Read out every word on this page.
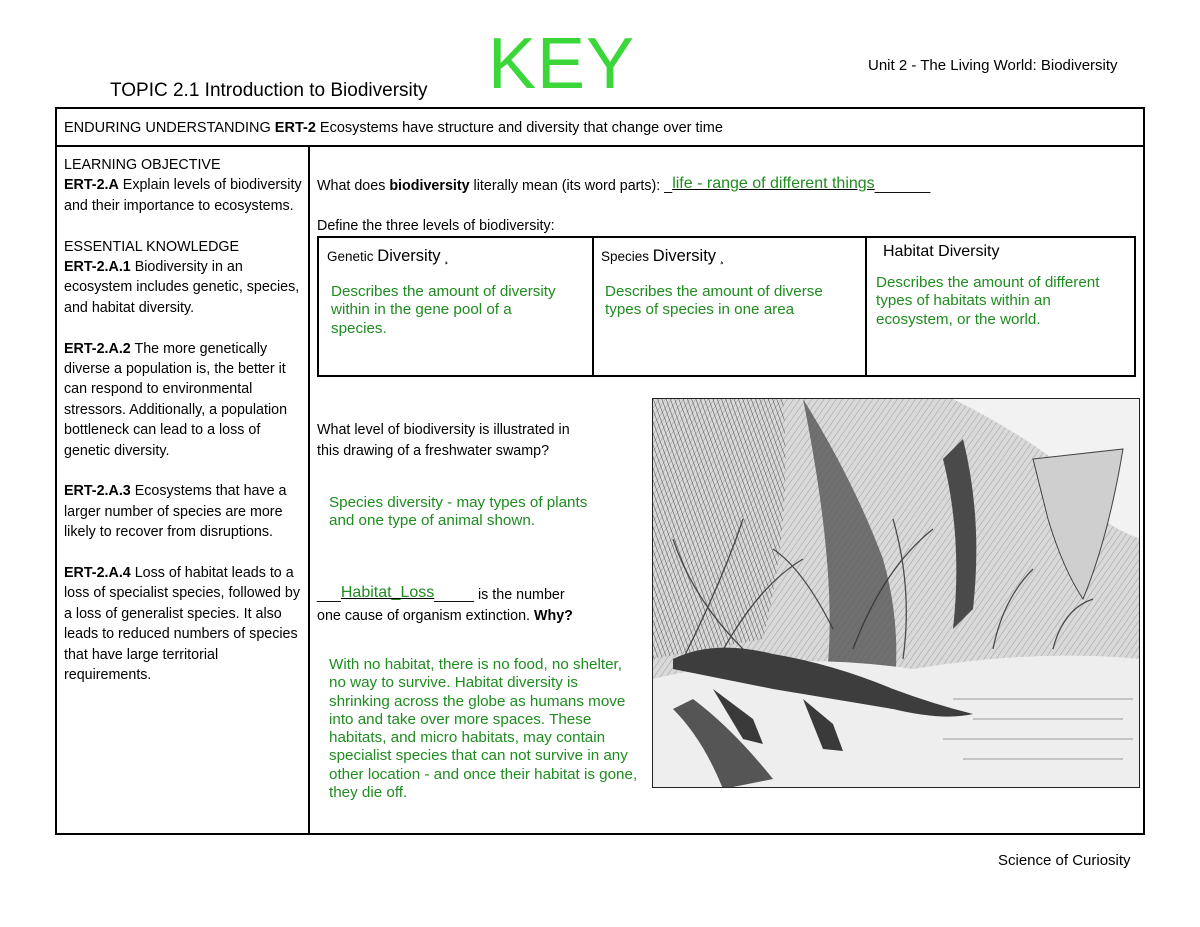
TOPIC 2.1 Introduction to Biodiversity KEY	Unit 2 - The Living World: Biodiversity
ENDURING UNDERSTANDING ERT-2 Ecosystems have structure and diversity that change over time

LEARNING OBJECTIVE
ERT-2.A Explain levels of biodiversity and their importance to ecosystems.

ESSENTIAL KNOWLEDGE
ERT-2.A.1 Biodiversity in an ecosystem includes genetic, species, and habitat diversity.

ERT-2.A.2 The more genetically diverse a population is, the better it can respond to environmental stressors. Additionally, a population bottleneck can lead to a loss of genetic diversity.

ERT-2.A.3 Ecosystems that have a larger number of species are more likely to recover from disruptions.

ERT-2.A.4 Loss of habitat leads to a loss of specialist species, followed by a loss of generalist species. It also leads to reduced numbers of species that have large territorial requirements.

What does biodiversity literally mean (its word parts): _life - range of different things_______
Define the three levels of biodiversity:
Genetic Diversity ¸
Describes the amount of diversity within in the gene pool of a species.
Species Diversity ¸
Describes the amount of diverse types of species in one area
Habitat Diversity
Describes the amount of different types of habitats within an ecosystem, or the world.
What level of biodiversity is illustrated in
this drawing of a freshwater swamp?
Species diversity - may types of plants and one type of animal shown.
___Habitat_Loss_____ is the number
one cause of organism extinction. Why?
With no habitat, there is no food, no shelter, no way to survive. Habitat diversity is shrinking across the globe as humans move into and take over more spaces. These habitats, and micro habitats, may contain specialist species that can not survive in any other location - and once their habitat is gone, they die off.
Science of Curiosity
